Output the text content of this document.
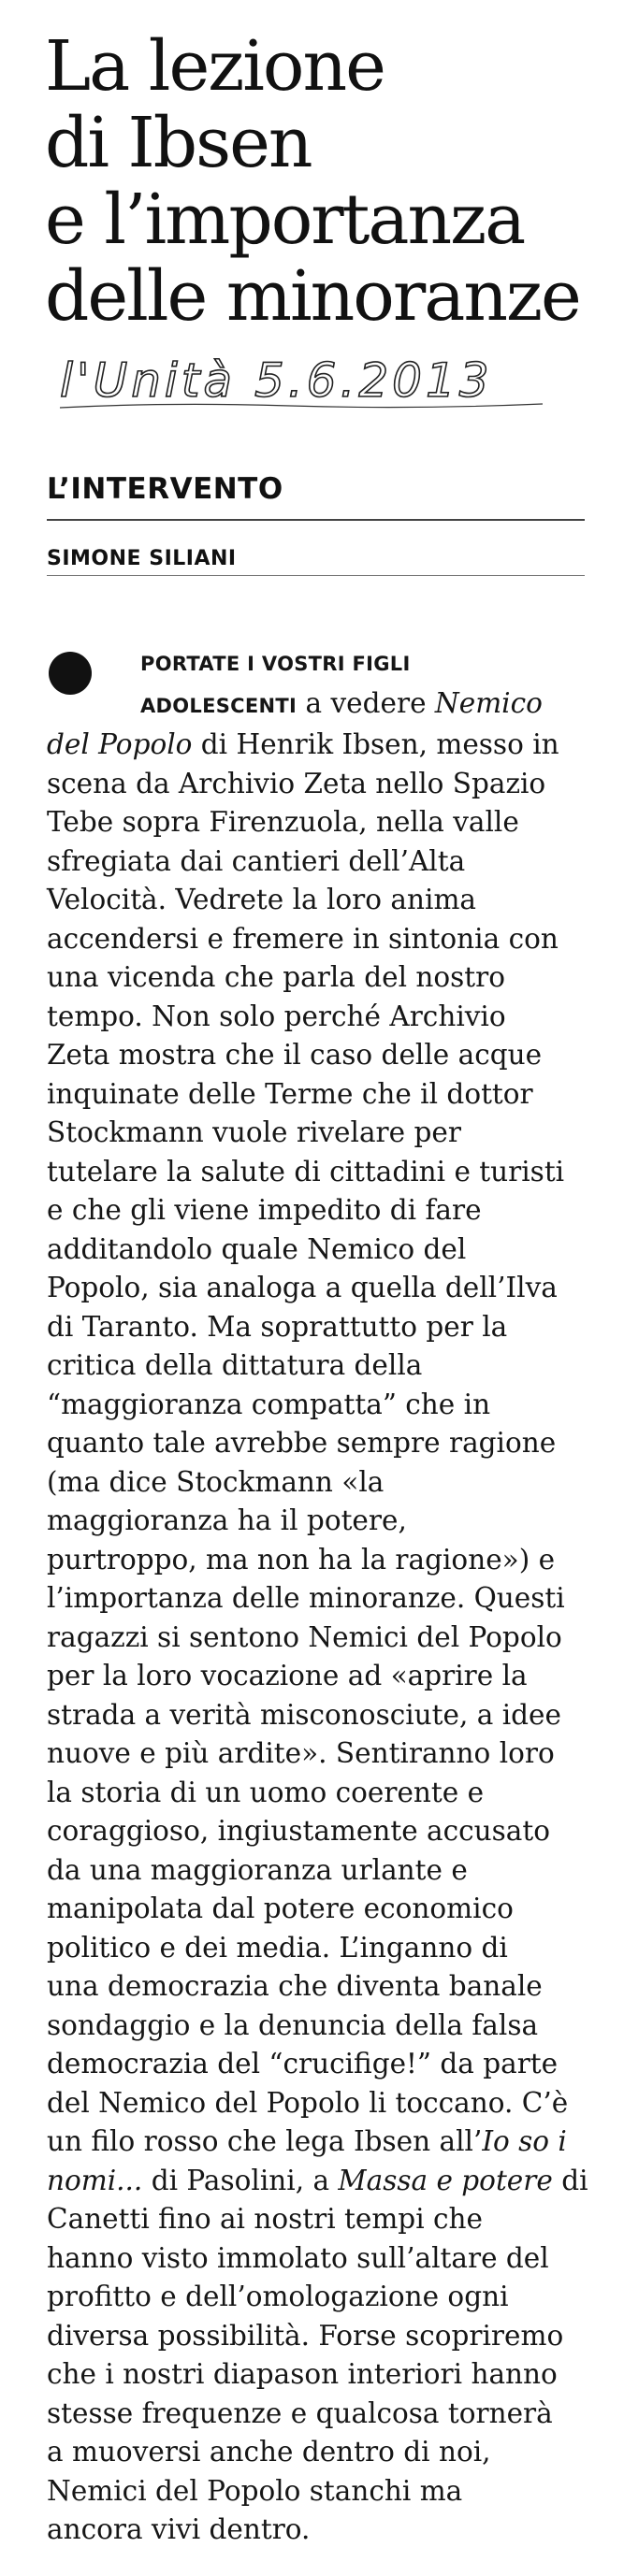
La lezione
di Ibsen
e l’importanza
delle minoranze
l'Unità 5.6.2013
L’INTERVENTO

SIMONE SILIANI

PORTATE I VOSTRI FIGLI
ADOLESCENTI a vedere Nemico
del Popolo di Henrik Ibsen, messo in
scena da Archivio Zeta nello Spazio
Tebe sopra Firenzuola, nella valle
sfregiata dai cantieri dell’Alta
Velocità. Vedrete la loro anima
accendersi e fremere in sintonia con
una vicenda che parla del nostro
tempo. Non solo perché Archivio
Zeta mostra che il caso delle acque
inquinate delle Terme che il dottor
Stockmann vuole rivelare per
tutelare la salute di cittadini e turisti
e che gli viene impedito di fare
additandolo quale Nemico del
Popolo, sia analoga a quella dell’Ilva
di Taranto. Ma soprattutto per la
critica della dittatura della
“maggioranza compatta” che in
quanto tale avrebbe sempre ragione
(ma dice Stockmann «la
maggioranza ha il potere,
purtroppo, ma non ha la ragione») e
l’importanza delle minoranze. Questi
ragazzi si sentono Nemici del Popolo
per la loro vocazione ad «aprire la
strada a verità misconosciute, a idee
nuove e più ardite». Sentiranno loro
la storia di un uomo coerente e
coraggioso, ingiustamente accusato
da una maggioranza urlante e
manipolata dal potere economico
politico e dei media. L’inganno di
una democrazia che diventa banale
sondaggio e la denuncia della falsa
democrazia del “crucifige!” da parte
del Nemico del Popolo li toccano. C’è
un filo rosso che lega Ibsen all’Io so i
nomi... di Pasolini, a Massa e potere di
Canetti fino ai nostri tempi che
hanno visto immolato sull’altare del
profitto e dell’omologazione ogni
diversa possibilità. Forse scopriremo
che i nostri diapason interiori hanno
stesse frequenze e qualcosa tornerà
a muoversi anche dentro di noi,
Nemici del Popolo stanchi ma
ancora vivi dentro.
